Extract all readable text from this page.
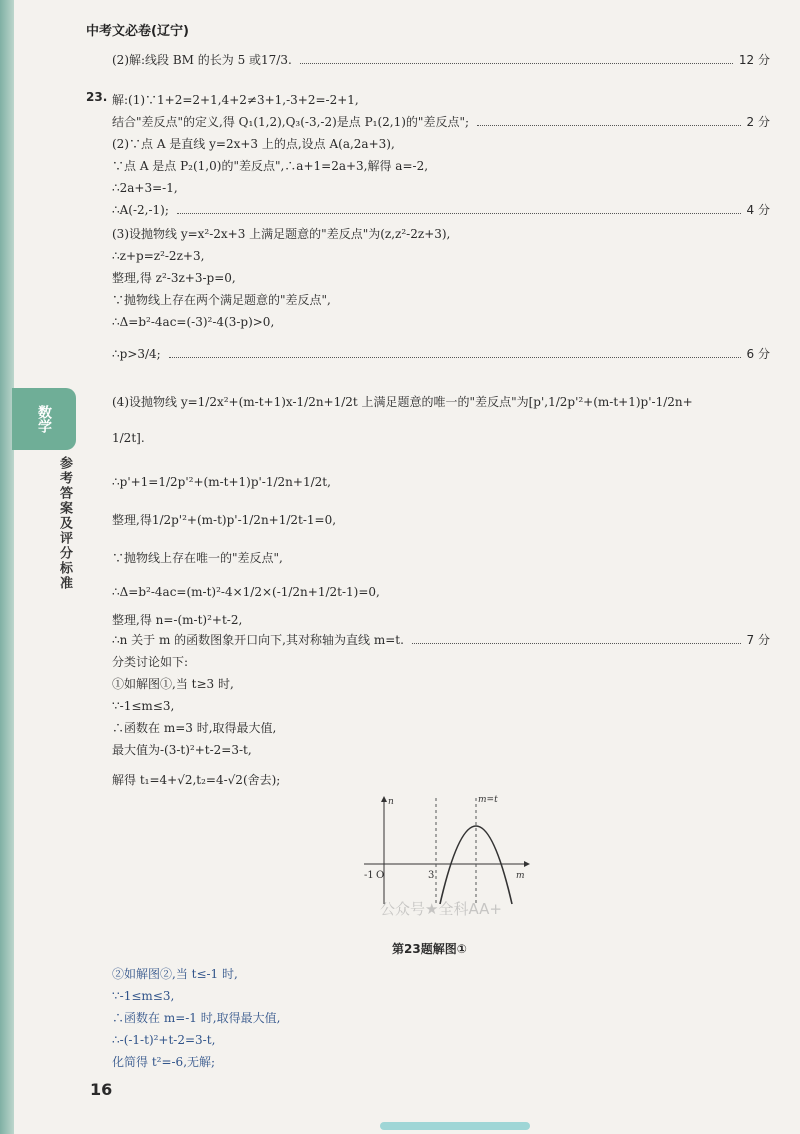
数学
参考答案及评分标准
中考文必卷(辽宁)
(2)解:线段 BM 的长为 5 或17/3.	12 分
解:(1)∵1+2=2+1,4+2≠3+1,-3+2=-2+1,
结合"差反点"的定义,得 Q₁(1,2),Q₃(-3,-2)是点 P₁(2,1)的"差反点";	2 分
(2)∵点 A 是直线 y=2x+3 上的点,设点 A(a,2a+3),
∵点 A 是点 P₂(1,0)的"差反点",∴a+1=2a+3,解得 a=-2,
∴2a+3=-1,
∴A(-2,-1);	4 分
(3)设抛物线 y=x²-2x+3 上满足题意的"差反点"为(z,z²-2z+3),
∴z+p=z²-2z+3,
整理,得 z²-3z+3-p=0,
∵抛物线上存在两个满足题意的"差反点",
∴Δ=b²-4ac=(-3)²-4(3-p)>0,
∴p>3/4;	6 分
(4)设抛物线 y=1/2x²+(m-t+1)x-1/2n+1/2t 上满足题意的唯一的"差反点"为[p',1/2p'²+(m-t+1)p'-1/2n+
1/2t].
∴p'+1=1/2p'²+(m-t+1)p'-1/2n+1/2t,
整理,得1/2p'²+(m-t)p'-1/2n+1/2t-1=0,
∵抛物线上存在唯一的"差反点",
∴Δ=b²-4ac=(m-t)²-4×1/2×(-1/2n+1/2t-1)=0,
整理,得 n=-(m-t)²+t-2,
∴n 关于 m 的函数图象开口向下,其对称轴为直线 m=t.	7 分
分类讨论如下:
①如解图①,当 t≥3 时,
∵-1≤m≤3,
∴函数在 m=3 时,取得最大值,
最大值为-(3-t)²+t-2=3-t,
解得 t₁=4+√2,t₂=4-√2(舍去);
②如解图②,当 t≤-1 时,
∵-1≤m≤3,
∴函数在 m=-1 时,取得最大值,
∴-(-1-t)²+t-2=3-t,
化简得 t²=-6,无解;
23.
n
m
m=t
-1 O	3
公众号★全科AA+
第23题解图①
16
